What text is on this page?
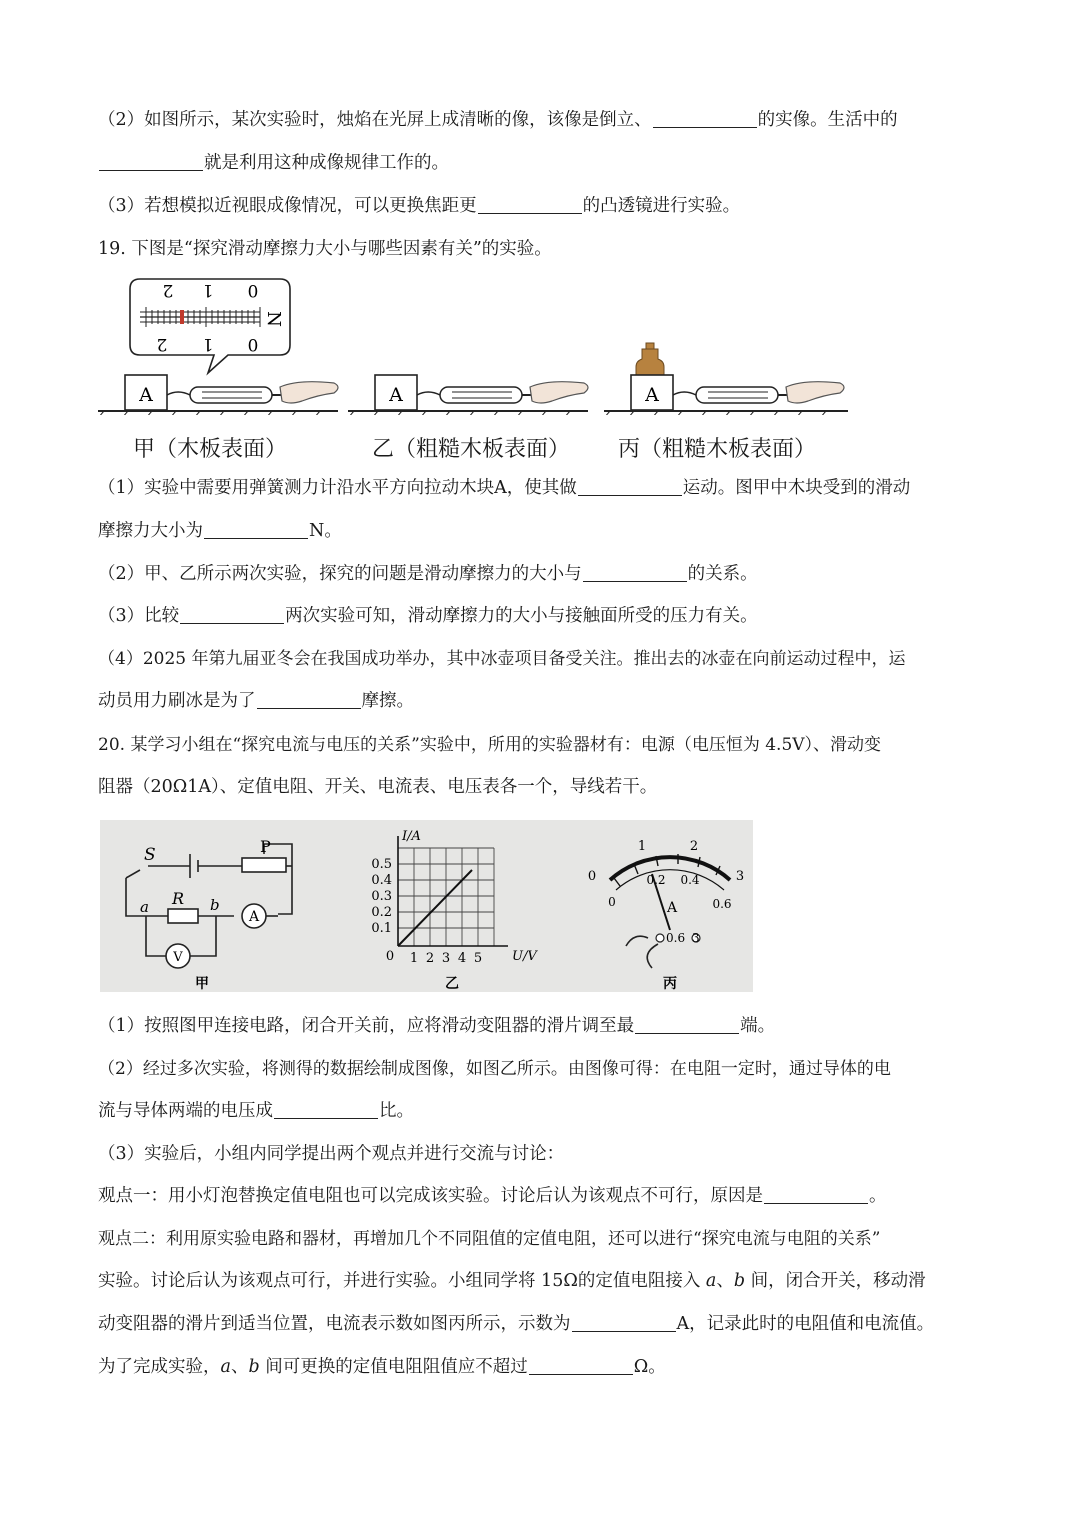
（2）如图所示，某次实验时，烛焰在光屏上成清晰的像，该像是倒立、	的实像。生活中的
就是利用这种成像规律工作的。
（3）若想模拟近视眼成像情况，可以更换焦距更	的凸透镜进行实验。
19. 下图是“探究滑动摩擦力大小与哪些因素有关”的实验。
2 1 0
2 1 0
N
A	A	A
甲（木板表面）	乙（粗糙木板表面） 丙（粗糙木板表面）
（1）实验中需要用弹簧测力计沿水平方向拉动木块A，使其做	运动。图甲中木块受到的滑动
摩擦力大小为	N。
（2）甲、乙所示两次实验，探究的问题是滑动摩擦力的大小与	的关系。
（3）比较	两次实验可知，滑动摩擦力的大小与接触面所受的压力有关。
（4）2025 年第九届亚冬会在我国成功举办，其中冰壶项目备受关注。推出去的冰壶在向前运动过程中，运
动员用力刷冰是为了	摩擦。
20. 某学习小组在“探究电流与电压的关系”实验中，所用的实验器材有：电源（电压恒为 4.5V）、滑动变
阻器（20Ω1A）、定值电阻、开关、电流表、电压表各一个，导线若干。
S	P
R
a	b
A
V
甲
I/A
U/V
0.5
0.4
0.3
0.2
0.1
0 1 2 3 4 5
乙
0
1	2
3
0
0.2 0.4
0.6
A
0.6 3
丙
（1）按照图甲连接电路，闭合开关前，应将滑动变阻器的滑片调至最	端。
（2）经过多次实验，将测得的数据绘制成图像，如图乙所示。由图像可得：在电阻一定时，通过导体的电
流与导体两端的电压成	比。
（3）实验后，小组内同学提出两个观点并进行交流与讨论：
观点一：用小灯泡替换定值电阻也可以完成该实验。讨论后认为该观点不可行，原因是	。
观点二：利用原实验电路和器材，再增加几个不同阻值的定值电阻，还可以进行“探究电流与电阻的关系”
实验。讨论后认为该观点可行，并进行实验。小组同学将 15Ω的定值电阻接入 a、b 间，闭合开关，移动滑
动变阻器的滑片到适当位置，电流表示数如图丙所示，示数为	A，记录此时的电阻值和电流值。
为了完成实验，a、b 间可更换的定值电阻阻值应不超过	Ω。
